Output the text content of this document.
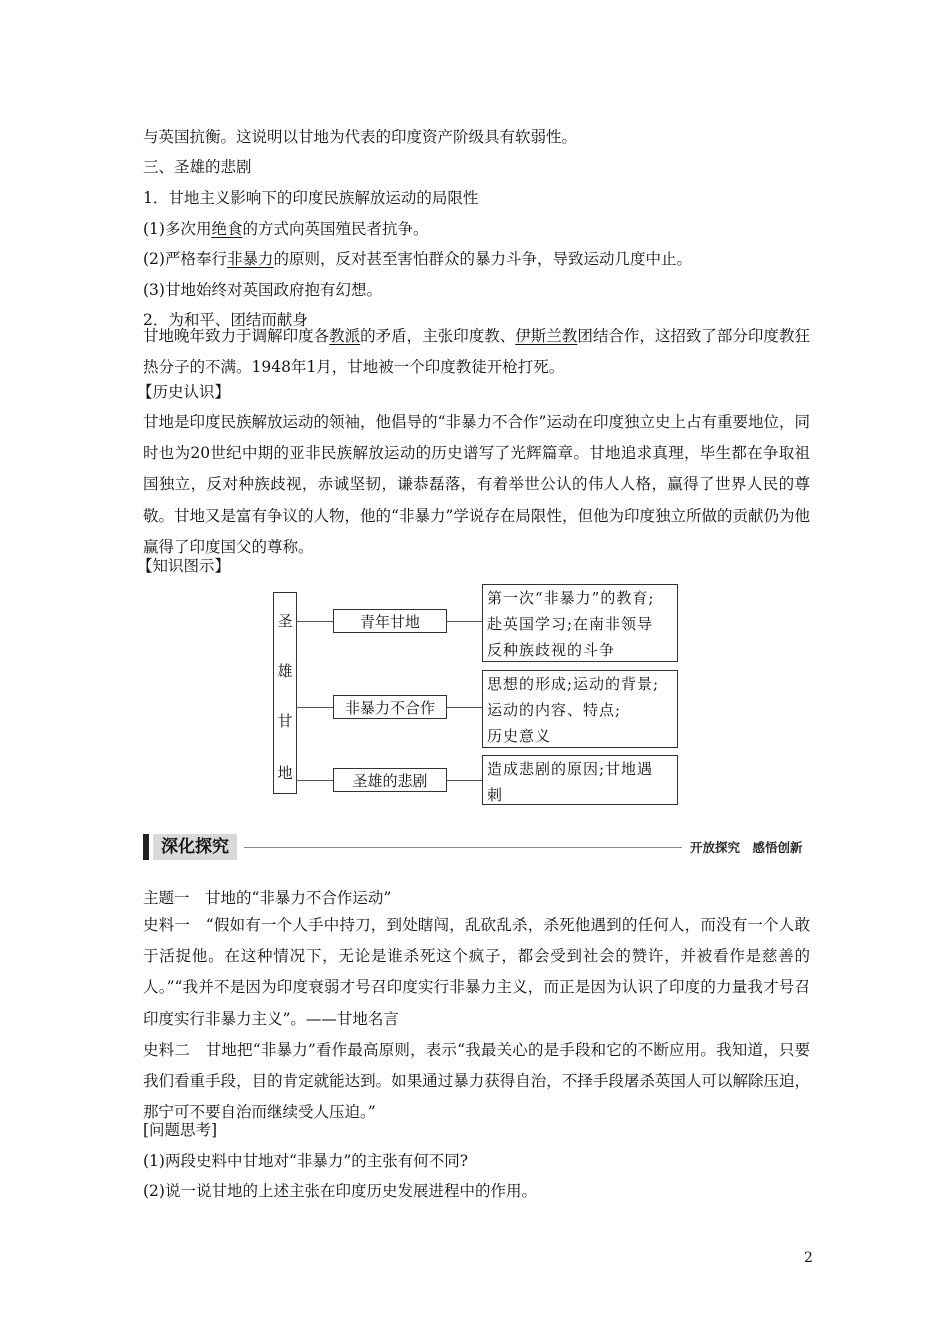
与英国抗衡。这说明以甘地为代表的印度资产阶级具有软弱性。
三、圣雄的悲剧
1．甘地主义影响下的印度民族解放运动的局限性
(1)多次用绝食的方式向英国殖民者抗争。
(2)严格奉行非暴力的原则，反对甚至害怕群众的暴力斗争，导致运动几度中止。
(3)甘地始终对英国政府抱有幻想。
2．为和平、团结而献身
甘地晚年致力于调解印度各教派的矛盾，主张印度教、伊斯兰教团结合作，这招致了部分印度教狂热分子的不满。1948年1月，甘地被一个印度教徒开枪打死。
【历史认识】
甘地是印度民族解放运动的领袖，他倡导的“非暴力不合作”运动在印度独立史上占有重要地位，同时也为20世纪中期的亚非民族解放运动的历史谱写了光辉篇章。甘地追求真理，毕生都在争取祖国独立，反对种族歧视，赤诚坚韧，谦恭磊落，有着举世公认的伟人人格，赢得了世界人民的尊敬。甘地又是富有争议的人物，他的“非暴力”学说存在局限性，但他为印度独立所做的贡献仍为他赢得了印度国父的尊称。
【知识图示】
圣
雄
甘
地
青年甘地
第一次“非暴力”的教育;
赴英国学习;在南非领导
反种族歧视的斗争
非暴力不合作
思想的形成;运动的背景;
运动的内容、特点;
历史意义
圣雄的悲剧
造成悲剧的原因;甘地遇
刺
深化探究	开放探究　感悟创新
主题一　甘地的“非暴力不合作运动”
史料一　“假如有一个人手中持刀，到处瞎闯，乱砍乱杀，杀死他遇到的任何人，而没有一个人敢于活捉他。在这种情况下，无论是谁杀死这个疯子，都会受到社会的赞许，并被看作是慈善的人。”“我并不是因为印度衰弱才号召印度实行非暴力主义，而正是因为认识了印度的力量我才号召印度实行非暴力主义”。——甘地名言
史料二　甘地把“非暴力”看作最高原则，表示“我最关心的是手段和它的不断应用。我知道，只要我们看重手段，目的肯定就能达到。如果通过暴力获得自治，不择手段屠杀英国人可以解除压迫，那宁可不要自治而继续受人压迫。”
[问题思考]
(1)两段史料中甘地对“非暴力”的主张有何不同?
(2)说一说甘地的上述主张在印度历史发展进程中的作用。
2
